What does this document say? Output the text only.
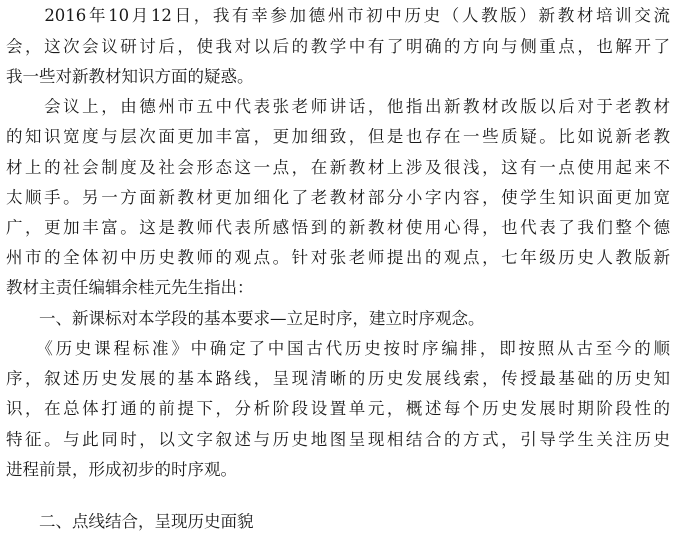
　　2016年10月12日，我有幸参加德州市初中历史（人教版）新教材培训交流
会，这次会议研讨后，使我对以后的教学中有了明确的方向与侧重点，也解开了
我一些对新教材知识方面的疑惑。
　　会议上，由德州市五中代表张老师讲话，他指出新教材改版以后对于老教材
的知识宽度与层次面更加丰富，更加细致，但是也存在一些质疑。比如说新老教
材上的社会制度及社会形态这一点，在新教材上涉及很浅，这有一点使用起来不
太顺手。另一方面新教材更加细化了老教材部分小字内容，使学生知识面更加宽
广，更加丰富。这是教师代表所感悟到的新教材使用心得，也代表了我们整个德
州市的全体初中历史教师的观点。针对张老师提出的观点，七年级历史人教版新
教材主责任编辑余桂元先生指出：
　　一、新课标对本学段的基本要求—立足时序，建立时序观念。
　　《历史课程标准》中确定了中国古代历史按时序编排，即按照从古至今的顺
序，叙述历史发展的基本路线，呈现清晰的历史发展线索，传授最基础的历史知
识，在总体打通的前提下，分析阶段设置单元，概述每个历史发展时期阶段性的
特征。与此同时，以文字叙述与历史地图呈现相结合的方式，引导学生关注历史
进程前景，形成初步的时序观。
　　二、点线结合，呈现历史面貌
